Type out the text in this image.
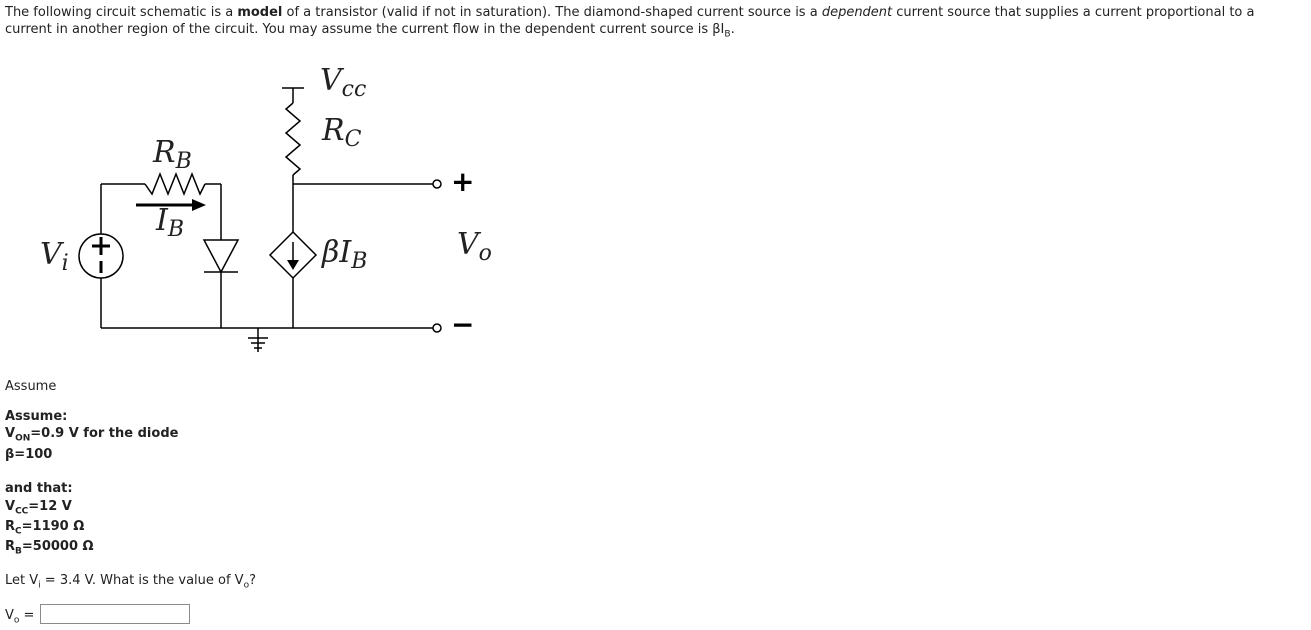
The following circuit schematic is a model of a transistor (valid if not in saturation). The diamond-shaped current source is a dependent current source that supplies a current proportional to a current in another region of the circuit. You may assume the current flow in the dependent current source is $\beta I_B$.
$V_{cc}$
$R_C$
$R_B$
$I_B$
$V_i$	$\beta I_B$	$V_o$
+
−
Assume
Assume:
$V_{ON}=0.9$ V for the diode
β=100
and that:
$V_{CC}=12$ V
$R_C=1190$ Ω
$R_B=50000$ Ω
Let $V_i = 3.4$ V. What is the value of $V_o$?
$V_o$ =
